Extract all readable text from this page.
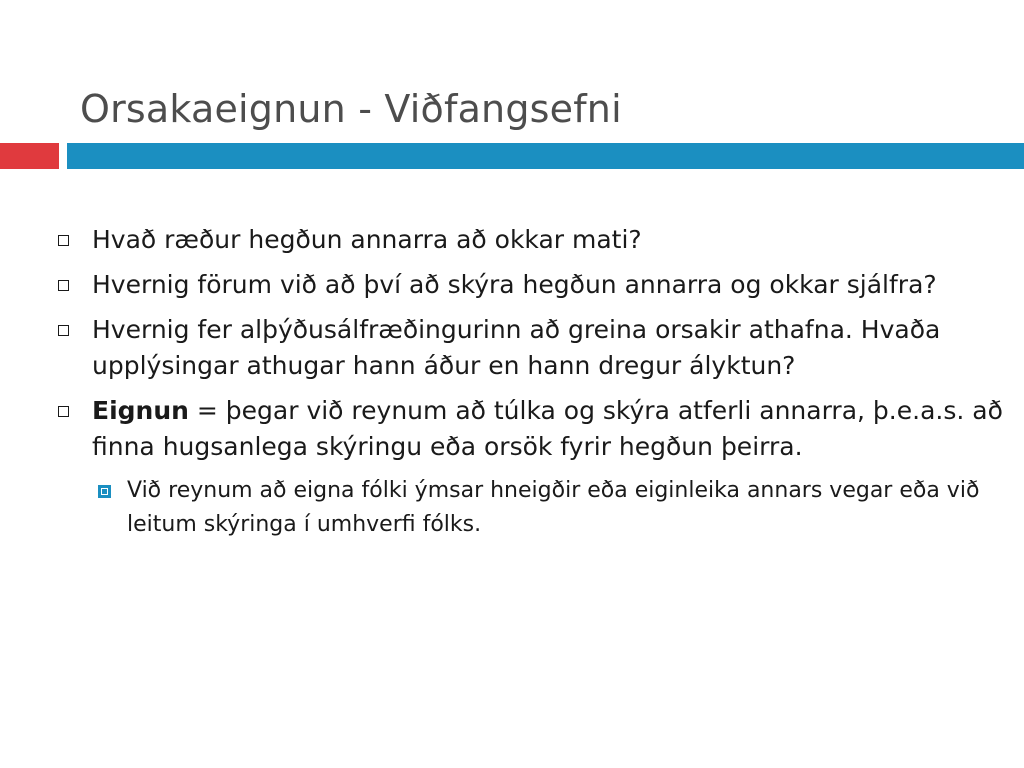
Orsakaeignun - Viðfangsefni
Hvað ræður hegðun annarra að okkar mati?
Hvernig förum við að því að skýra hegðun annarra og okkar sjálfra?
Hvernig fer alþýðusálfræðingurinn að greina orsakir athafna. Hvaða upplýsingar athugar hann áður en hann dregur ályktun?
Eignun = þegar við reynum að túlka og skýra atferli annarra, þ.e.a.s. að finna hugsanlega skýringu eða orsök fyrir hegðun þeirra.
Við reynum að eigna fólki ýmsar hneigðir eða eiginleika annars vegar eða við leitum skýringa í umhverfi fólks.
